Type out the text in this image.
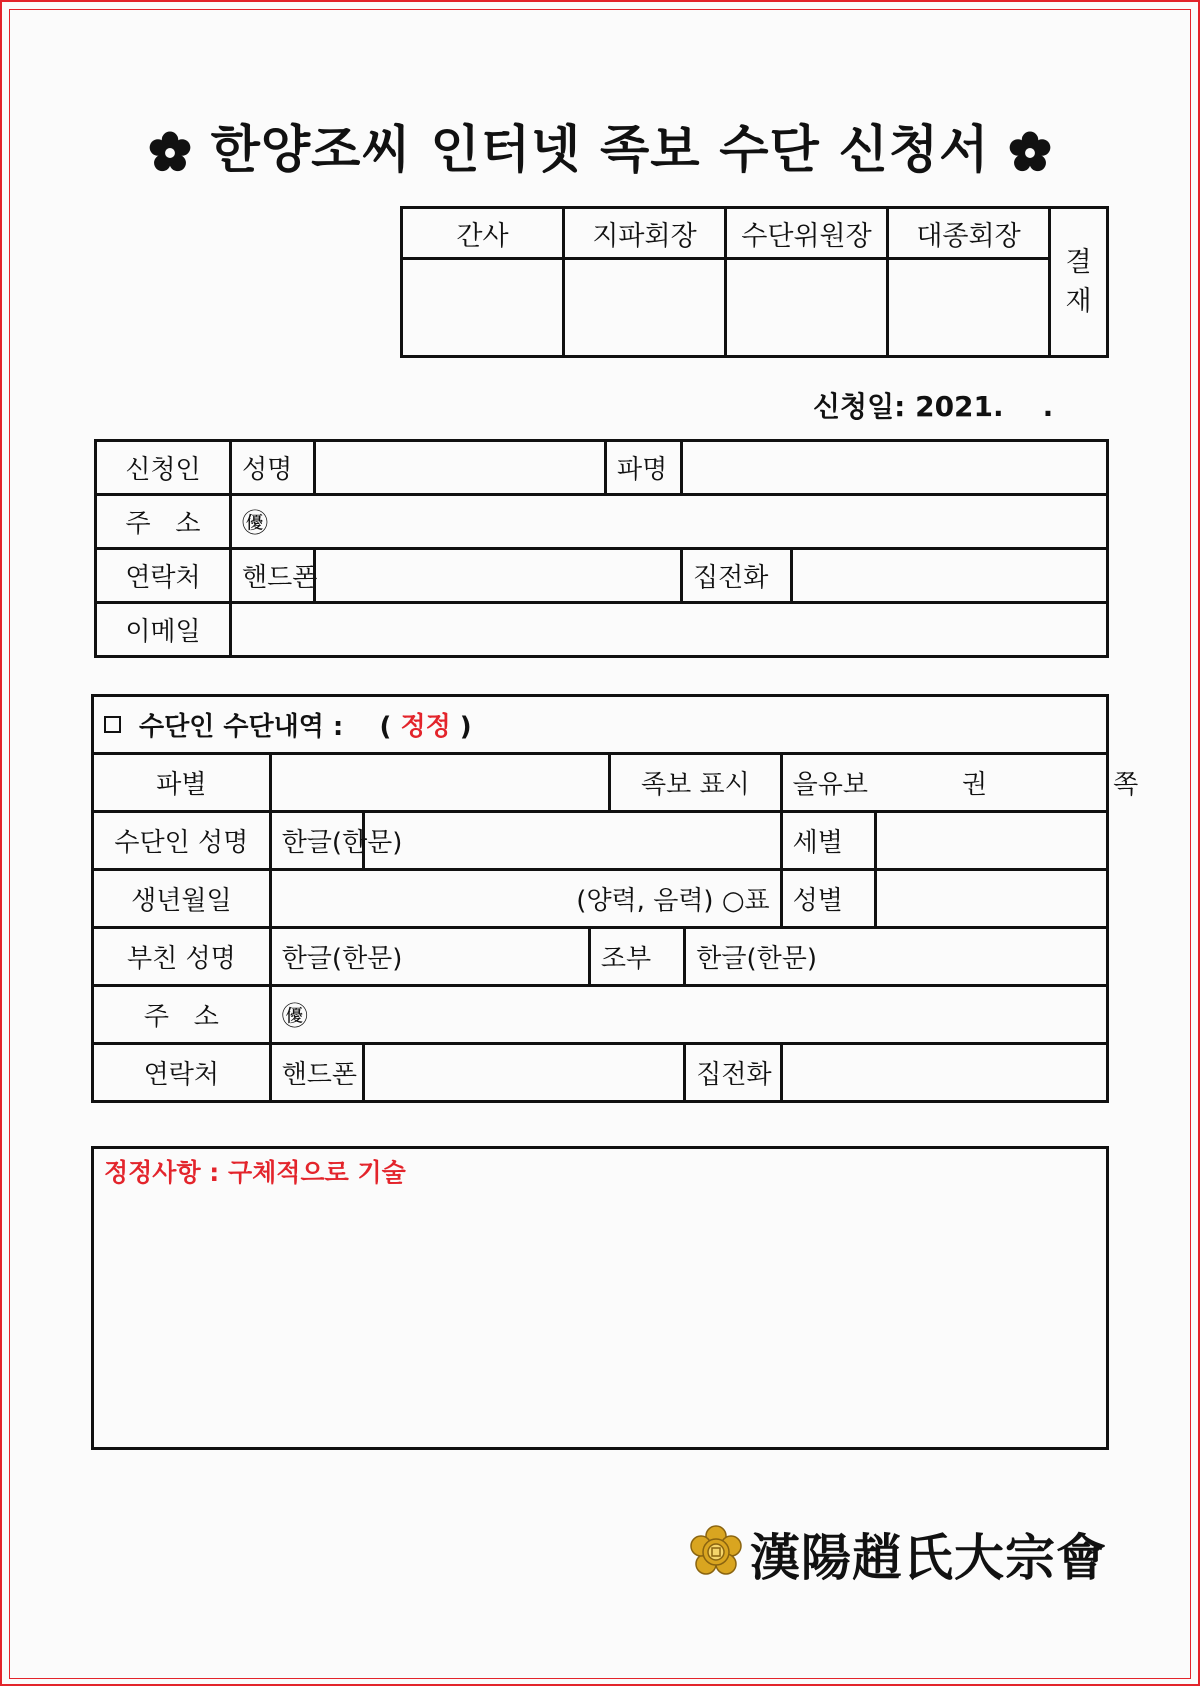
한양조씨 인터넷 족보 수단 신청서
간사	지파회장	수단위원장	대종회장	결
재

신청일: 2021.    .
신청인	성명		파명		
주   소	㊝				
연락처	핸드폰			집전화	
이메일					
수단인 수단내역 : ( 정정 )							
파별				족보 표시		을유보 권 쪽	
수단인 성명	한글(한문)					세별	
생년월일	(양력, 음력) ○표					성별	
부친 성명	한글(한문)		조부		한글(한문)		
주   소	㊝						
연락처	핸드폰				집전화		
정정사항 : 구체적으로 기술
漢陽趙氏大宗會
